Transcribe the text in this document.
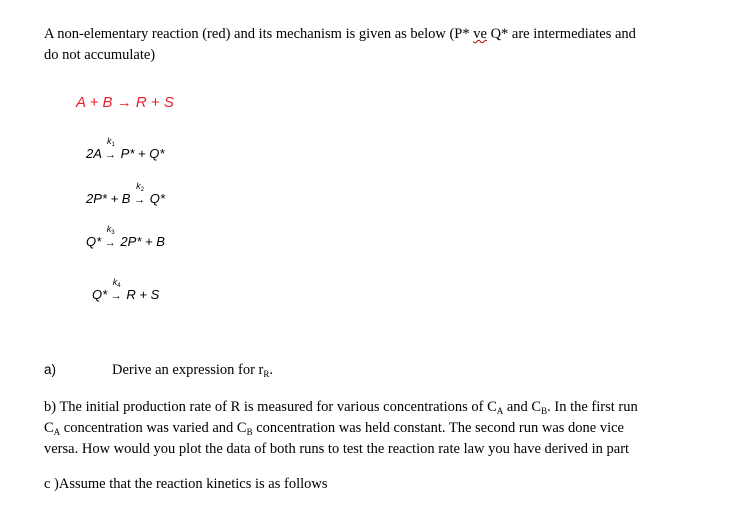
A non-elementary reaction (red) and its mechanism is given as below (P* ve Q* are intermediates and
do not accumulate)
A + B → R + S
2A
$k_1$
→ P* + Q*
2P* + B
$k_2$
→ Q*
Q*
$k_3$
→ 2P* + B
Q*
$k_4$
→ R + S
a)	Derive an expression for $r_R$.
b) The initial production rate of R is measured for various concentrations of $C_A$ and $C_B$. In the first run
$C_A$ concentration was varied and $C_B$ concentration was held constant. The second run was done vice
versa. How would you plot the data of both runs to test the reaction rate law you have derived in part
c )Assume that the reaction kinetics is as follows
